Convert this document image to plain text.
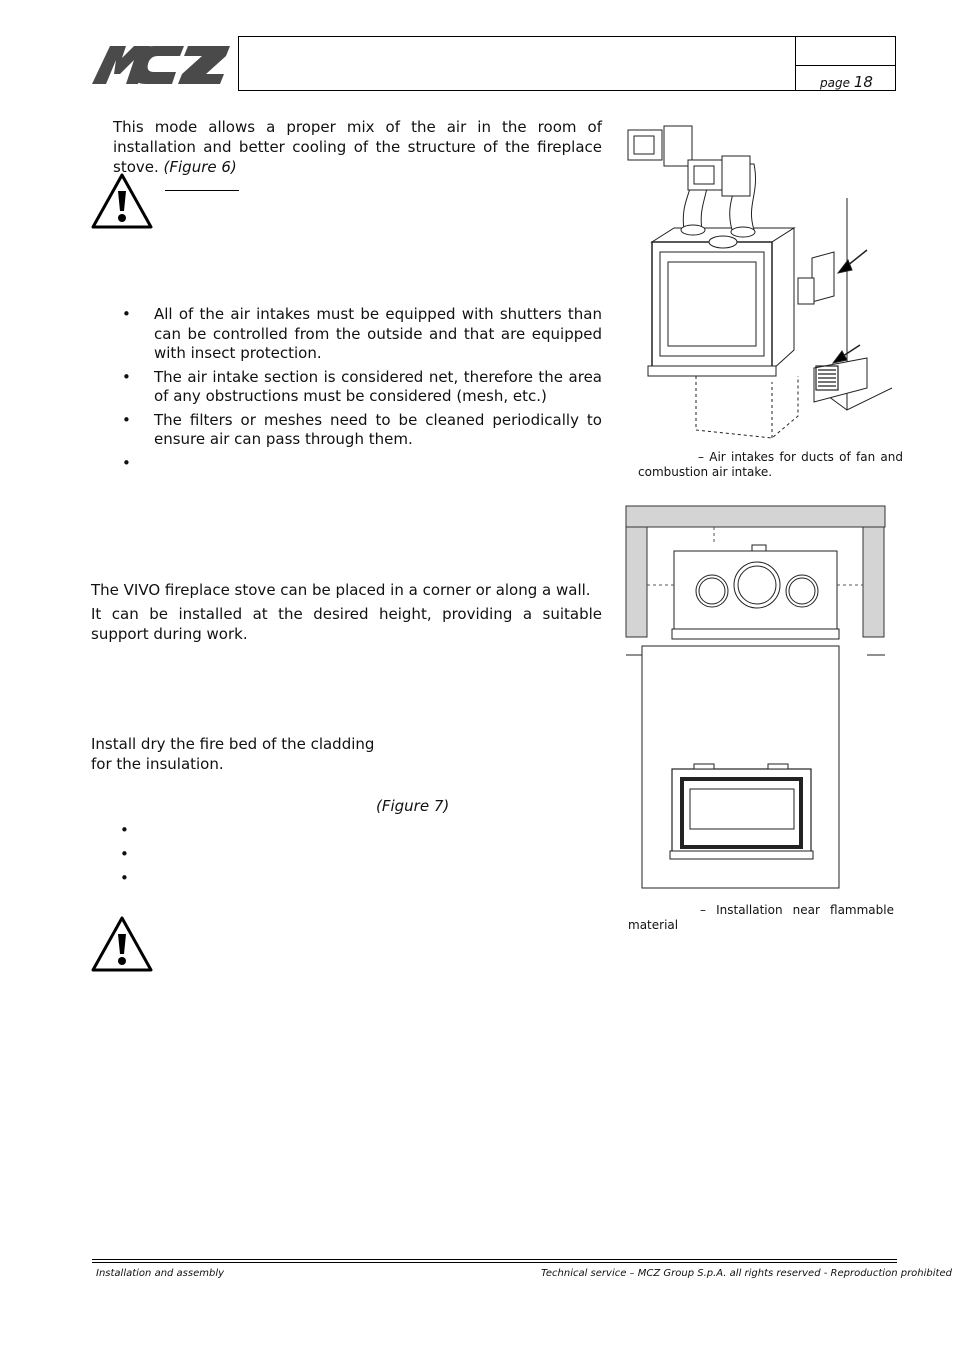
page 18

This mode allows a proper mix of the air in the room of installation and better cooling of the structure of the fireplace stove. (Figure 6)

• All of the air intakes must be equipped with shutters than can be controlled from the outside and that are equipped with insect protection.
• The air intake section is considered net, therefore the area of any obstructions must be considered (mesh, etc.)
• The filters or meshes need to be cleaned periodically to ensure air can pass through them.
•
– Air intakes for ducts of fan and combustion air intake.

The VIVO fireplace stove can be placed in a corner or along a wall.

It can be installed at the desired height, providing a suitable support during work.

Install dry the fire bed of the cladding for the insulation.

(Figure 7)
•
•
•
– Installation near flammable material
Installation and assembly	Technical service – MCZ Group S.p.A. all rights reserved - Reproduction prohibited
